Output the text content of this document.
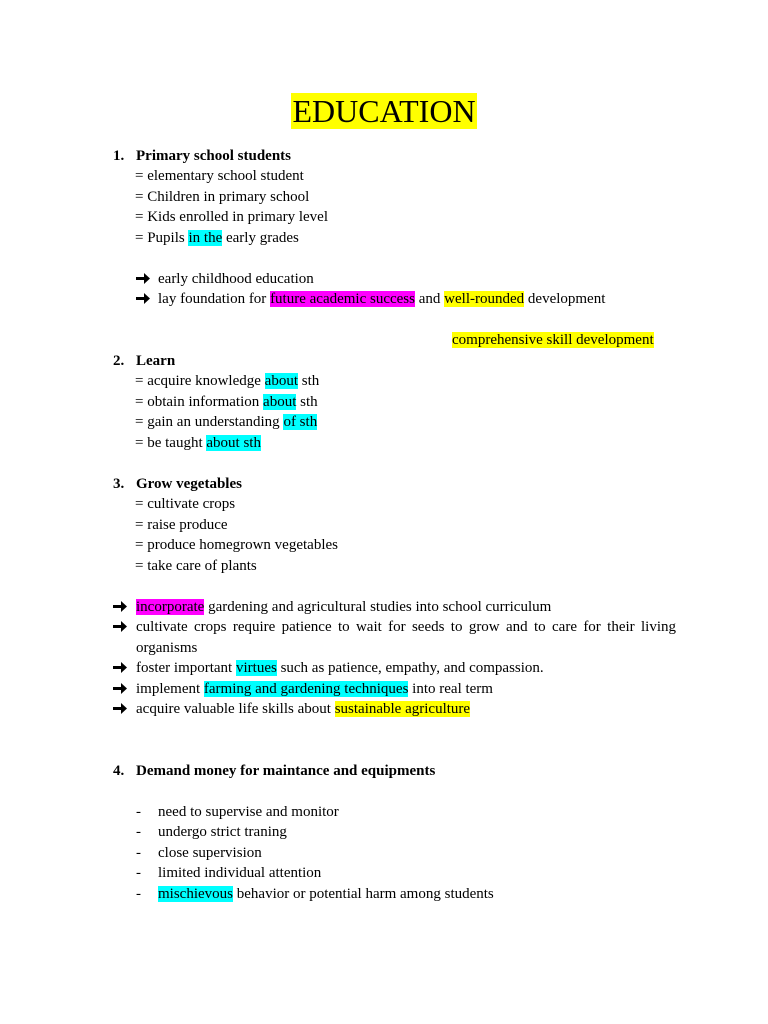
EDUCATION
1. Primary school students
= elementary school student
= Children in primary school
= Kids enrolled in primary level
= Pupils in the early grades
early childhood education
lay foundation for future academic success and well-rounded development
comprehensive skill development
2. Learn
= acquire knowledge about sth
= obtain information about sth
= gain an understanding of sth
= be taught about sth
3. Grow vegetables
= cultivate crops
= raise produce
= produce homegrown vegetables
= take care of plants
incorporate gardening and agricultural studies into school curriculum
cultivate crops require patience to wait for seeds to grow and to care for their living
organisms
foster important virtues such as patience, empathy, and compassion.
implement farming and gardening techniques into real term
acquire valuable life skills about sustainable agriculture
4. Demand money for maintance and equipments
- need to supervise and monitor
- undergo strict traning
- close supervision
- limited individual attention
- mischievous behavior or potential harm among students
